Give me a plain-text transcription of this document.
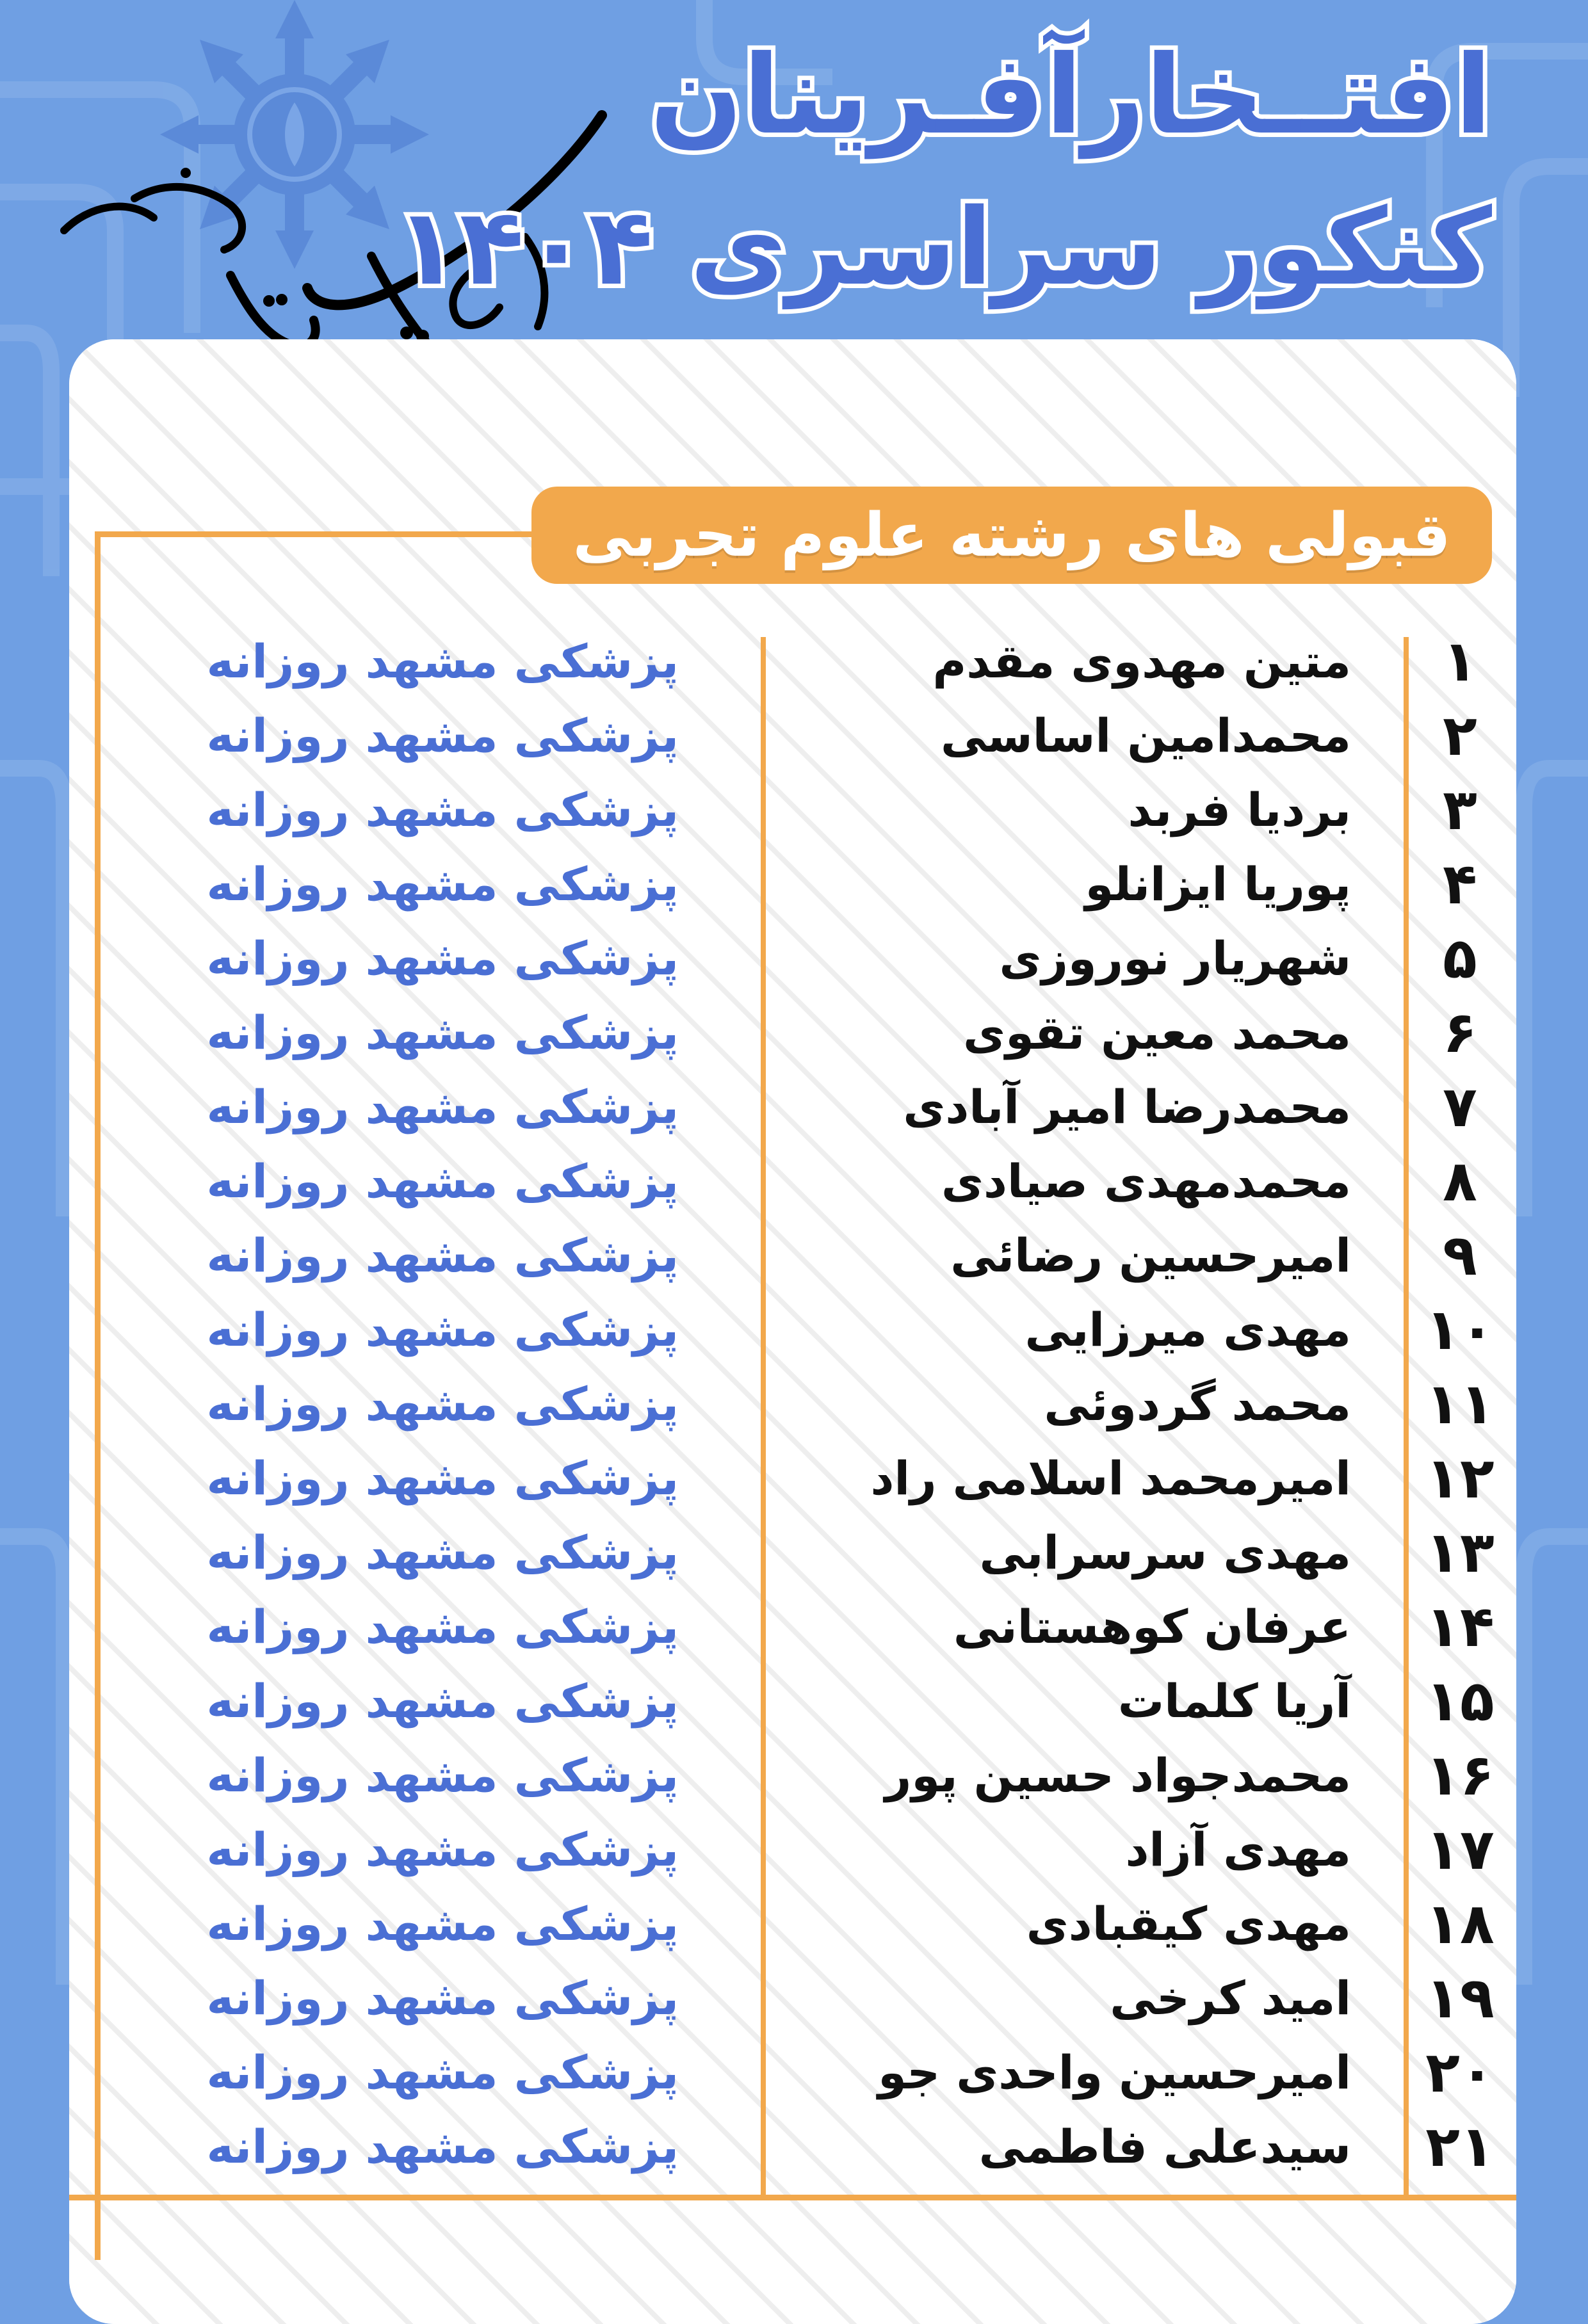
افتــخارآفـرینان
کنکور سراسری ۱۴۰۴
قبولی های رشته علوم تجربی
۱
متین مهدوی مقدم
پزشکی مشهد روزانه
۲
محمدامین اساسی
پزشکی مشهد روزانه
۳
بردیا فربد
پزشکی مشهد روزانه
۴
پوریا ایزانلو
پزشکی مشهد روزانه
۵
شهریار نوروزی
پزشکی مشهد روزانه
۶
محمد معین تقوی
پزشکی مشهد روزانه
۷
محمدرضا امیر آبادی
پزشکی مشهد روزانه
۸
محمدمهدی صیادی
پزشکی مشهد روزانه
۹
امیرحسین رضائی
پزشکی مشهد روزانه
۱۰
مهدی میرزایی
پزشکی مشهد روزانه
۱۱
محمد گردوئی
پزشکی مشهد روزانه
۱۲
امیرمحمد اسلامی راد
پزشکی مشهد روزانه
۱۳
مهدی سرسرابی
پزشکی مشهد روزانه
۱۴
عرفان کوهستانی
پزشکی مشهد روزانه
۱۵
آریا کلمات
پزشکی مشهد روزانه
۱۶
محمدجواد حسین پور
پزشکی مشهد روزانه
۱۷
مهدی آزاد
پزشکی مشهد روزانه
۱۸
مهدی کیقبادی
پزشکی مشهد روزانه
۱۹
امید کرخی
پزشکی مشهد روزانه
۲۰
امیرحسین واحدی جو
پزشکی مشهد روزانه
۲۱
سیدعلی فاطمی
پزشکی مشهد روزانه
